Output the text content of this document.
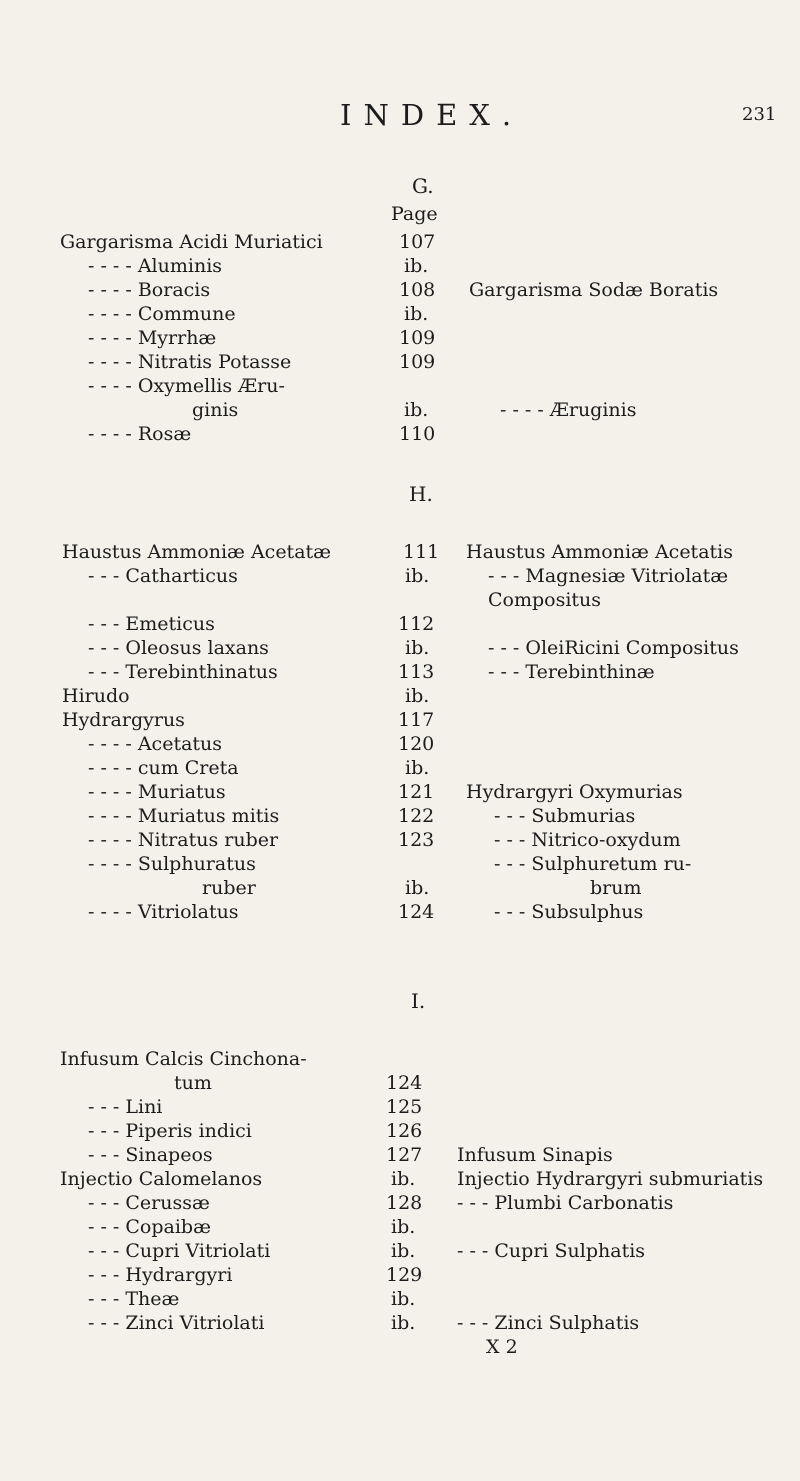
INDEX.	231
G.
Page
Gargarisma Acidi Muriatici	107
- - - - Aluminis	ib.
- - - - Boracis	108
- - - - Commune	ib.
- - - - Myrrhæ	109
- - - - Nitratis Potasse	109
- - - - Oxymellis Æru-
ginis	ib.
- - - - Rosæ	110
Gargarisma Sodæ Boratis
- - - - Æruginis
H.
Haustus Ammoniæ Acetatæ	111
- - - Catharticus	ib.
- - - Emeticus	112
- - - Oleosus laxans	ib.
- - - Terebinthinatus	113
Hirudo	ib.
Hydrargyrus	117
- - - - Acetatus	120
- - - - cum Creta	ib.
- - - - Muriatus	121
- - - - Muriatus mitis	122
- - - - Nitratus ruber	123
- - - - Sulphuratus
ruber	ib.
- - - - Vitriolatus	124
Haustus Ammoniæ Acetatis
- - - Magnesiæ Vitriolatæ
Compositus
- - - OleiRicini Compositus
- - - Terebinthinæ
Hydrargyri Oxymurias
- - - Submurias
- - - Nitrico-oxydum
- - - Sulphuretum ru-
brum
- - - Subsulphus
I.
Infusum Calcis Cinchona-
tum	124
- - - Lini	125
- - - Piperis indici	126
- - - Sinapeos	127
Injectio Calomelanos	ib.
- - - Cerussæ	128
- - - Copaibæ	ib.
- - - Cupri Vitriolati	ib.
- - - Hydrargyri	129
- - - Theæ	ib.
- - - Zinci Vitriolati	ib.
Infusum Sinapis
Injectio Hydrargyri submuriatis
- - - Plumbi Carbonatis
- - - Cupri Sulphatis
- - - Zinci Sulphatis
X 2
